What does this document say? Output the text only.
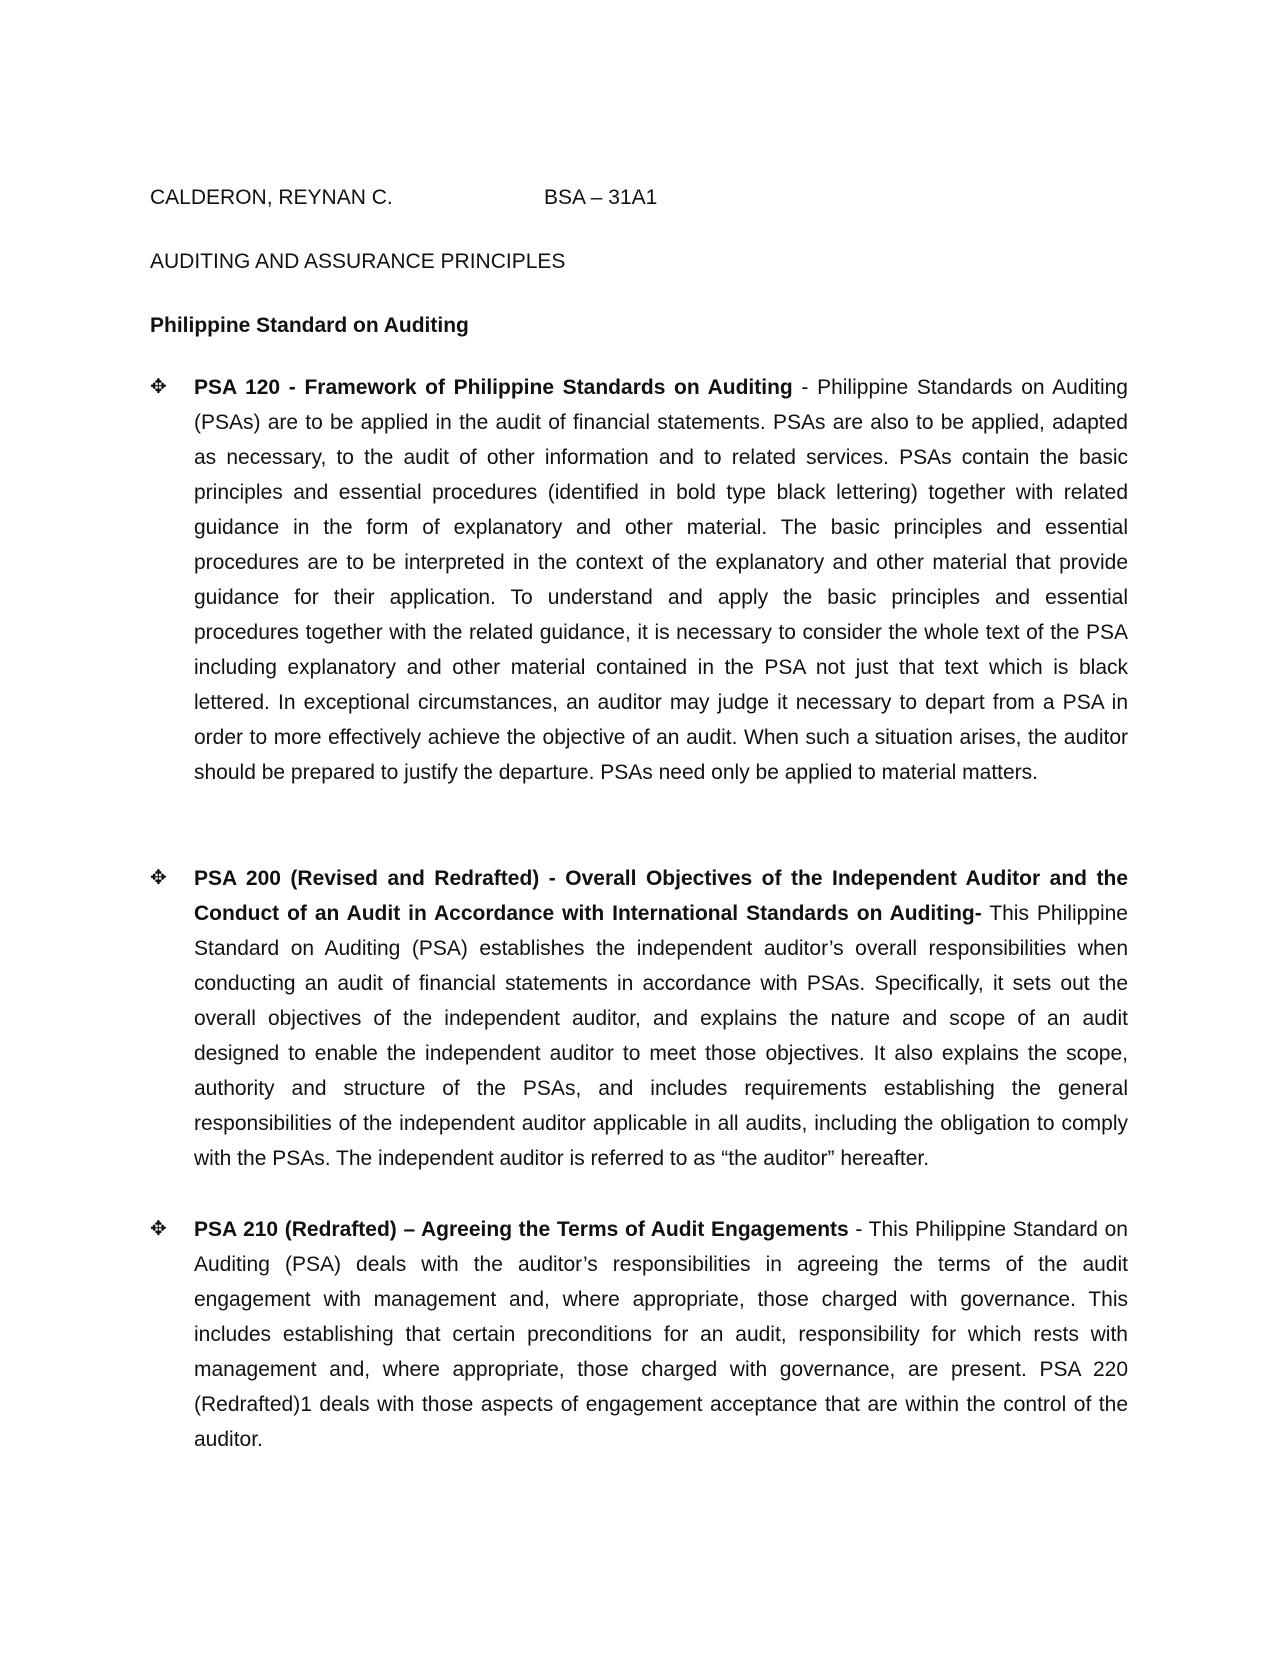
CALDERON, REYNAN C.	BSA – 31A1
AUDITING AND ASSURANCE PRINCIPLES
Philippine Standard on Auditing
✥	PSA 120 - Framework of Philippine Standards on Auditing - Philippine Standards on Auditing (PSAs) are to be applied in the audit of financial statements. PSAs are also to be applied, adapted as necessary, to the audit of other information and to related services. PSAs contain the basic principles and essential procedures (identified in bold type black lettering) together with related guidance in the form of explanatory and other material. The basic principles and essential procedures are to be interpreted in the context of the explanatory and other material that provide guidance for their application. To understand and apply the basic principles and essential procedures together with the related guidance, it is necessary to consider the whole text of the PSA including explanatory and other material contained in the PSA not just that text which is black lettered. In exceptional circumstances, an auditor may judge it necessary to depart from a PSA in order to more effectively achieve the objective of an audit. When such a situation arises, the auditor should be prepared to justify the departure. PSAs need only be applied to material matters.
✥	PSA 200 (Revised and Redrafted) - Overall Objectives of the Independent Auditor and the Conduct of an Audit in Accordance with International Standards on Auditing- This Philippine Standard on Auditing (PSA) establishes the independent auditor’s overall responsibilities when conducting an audit of financial statements in accordance with PSAs. Specifically, it sets out the overall objectives of the independent auditor, and explains the nature and scope of an audit designed to enable the independent auditor to meet those objectives. It also explains the scope, authority and structure of the PSAs, and includes requirements establishing the general responsibilities of the independent auditor applicable in all audits, including the obligation to comply with the PSAs. The independent auditor is referred to as “the auditor” hereafter.
✥	PSA 210 (Redrafted) – Agreeing the Terms of Audit Engagements - This Philippine Standard on Auditing (PSA) deals with the auditor’s responsibilities in agreeing the terms of the audit engagement with management and, where appropriate, those charged with governance. This includes establishing that certain preconditions for an audit, responsibility for which rests with management and, where appropriate, those charged with governance, are present. PSA 220 (Redrafted)1 deals with those aspects of engagement acceptance that are within the control of the auditor.
